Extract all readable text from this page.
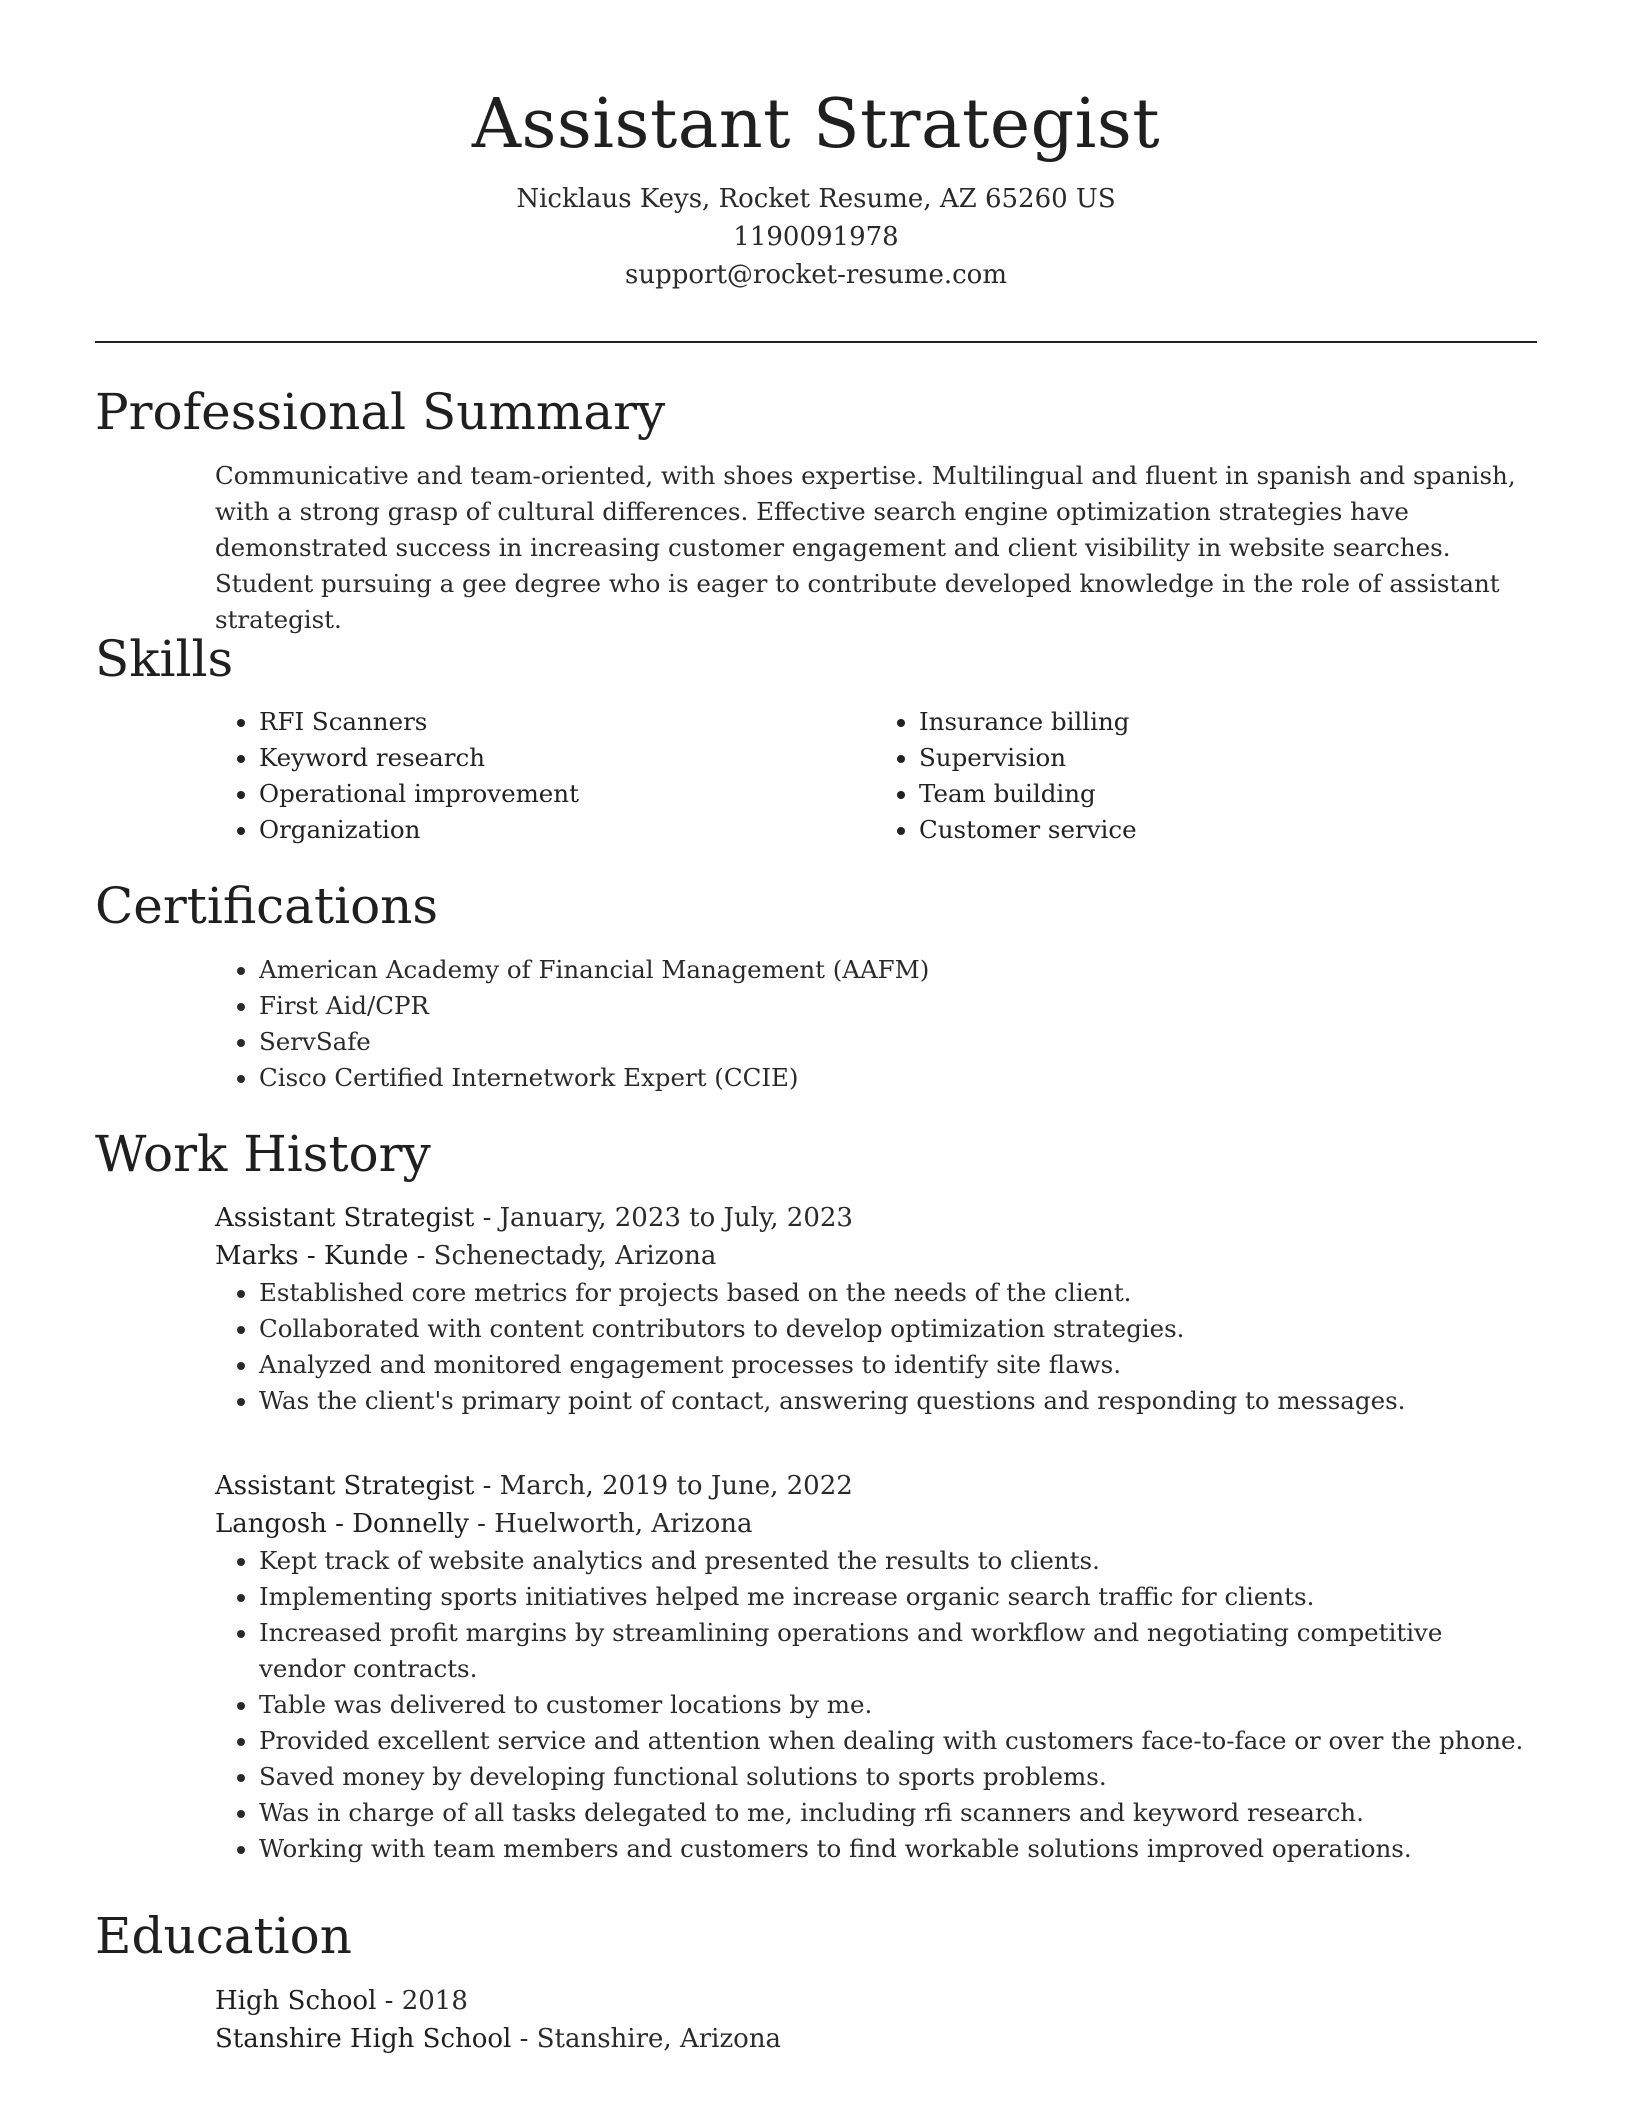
Assistant Strategist

Nicklaus Keys, Rocket Resume, AZ 65260 US

1190091978

support@rocket-resume.com

Professional Summary

Communicative and team-oriented, with shoes expertise. Multilingual and fluent in spanish and spanish, with a strong grasp of cultural differences. Effective search engine optimization strategies have demonstrated success in increasing customer engagement and client visibility in website searches. Student pursuing a gee degree who is eager to contribute developed knowledge in the role of assistant strategist.

Skills
• RFI Scanners
• Keyword research
• Operational improvement
• Organization
• Insurance billing
• Supervision
• Team building
• Customer service
Certifications
• American Academy of Financial Management (AAFM)
• First Aid/CPR
• ServSafe
• Cisco Certified Internetwork Expert (CCIE)
Work History

Assistant Strategist - January, 2023 to July, 2023

Marks - Kunde - Schenectady, Arizona

• Established core metrics for projects based on the needs of the client.
• Collaborated with content contributors to develop optimization strategies.
• Analyzed and monitored engagement processes to identify site flaws.
• Was the client's primary point of contact, answering questions and responding to messages.

Assistant Strategist - March, 2019 to June, 2022

Langosh - Donnelly - Huelworth, Arizona

• Kept track of website analytics and presented the results to clients.
• Implementing sports initiatives helped me increase organic search traffic for clients.
• Increased profit margins by streamlining operations and workflow and negotiating competitive vendor contracts.
• Table was delivered to customer locations by me.
• Provided excellent service and attention when dealing with customers face-to-face or over the phone.
• Saved money by developing functional solutions to sports problems.
• Was in charge of all tasks delegated to me, including rfi scanners and keyword research.
• Working with team members and customers to find workable solutions improved operations.
Education

High School - 2018

Stanshire High School - Stanshire, Arizona
